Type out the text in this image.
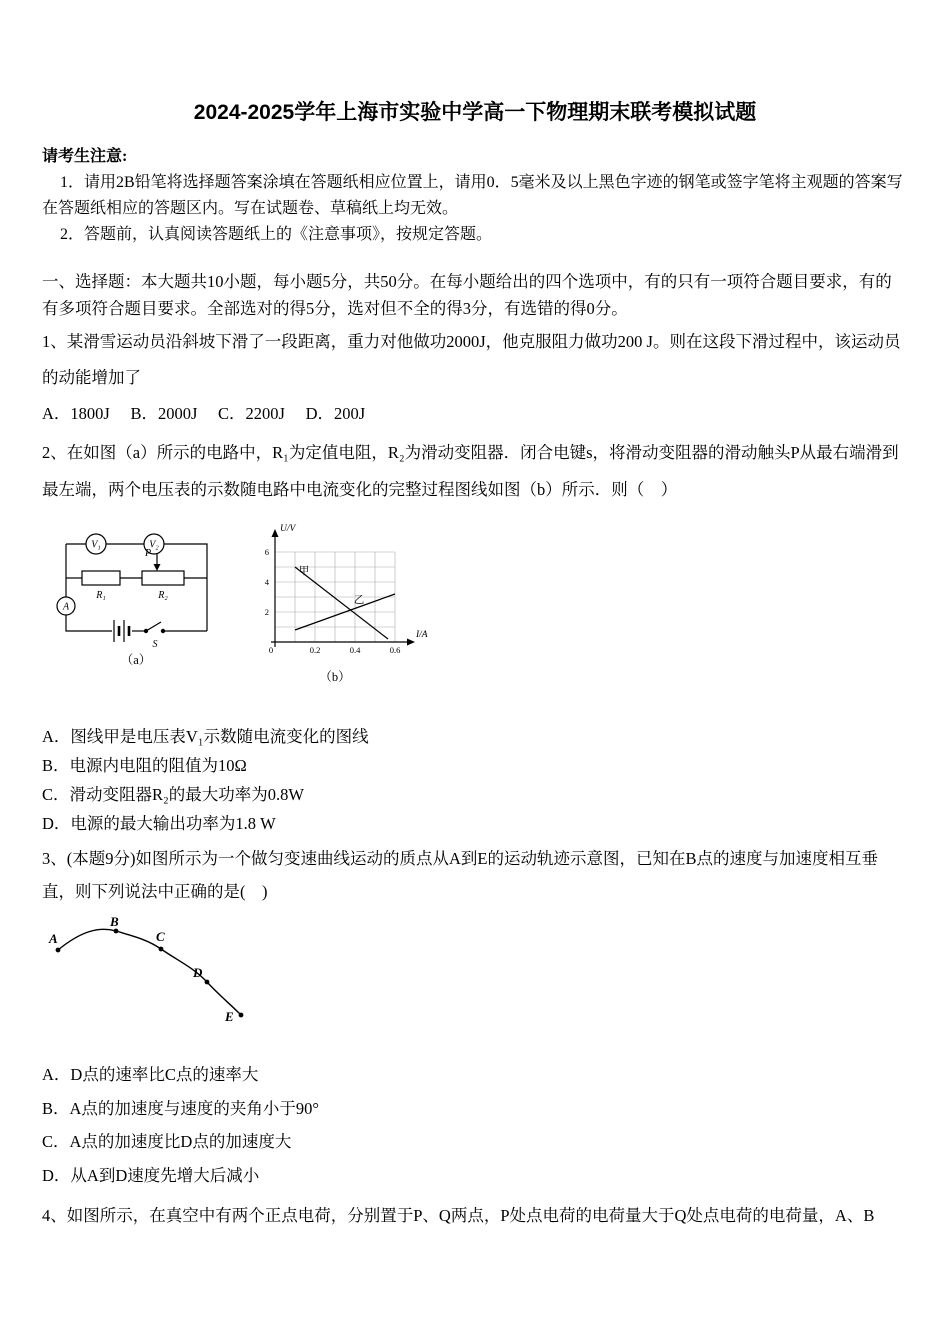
2024-2025学年上海市实验中学高一下物理期末联考模拟试题

请考生注意:

1．请用2B铅笔将选择题答案涂填在答题纸相应位置上，请用0．5毫米及以上黑色字迹的钢笔或签字笔将主观题的答案写在答题纸相应的答题区内。写在试题卷、草稿纸上均无效。

2．答题前，认真阅读答题纸上的《注意事项》，按规定答题。

一、选择题：本大题共10小题，每小题5分，共50分。在每小题给出的四个选项中，有的只有一项符合题目要求，有的有多项符合题目要求。全部选对的得5分，选对但不全的得3分，有选错的得0分。

1、某滑雪运动员沿斜坡下滑了一段距离，重力对他做功2000J，他克服阻力做功200 J。则在这段下滑过程中，该运动员的动能增加了

A．1800J　 B．2000J　 C．2200J　 D．200J

2、在如图（a）所示的电路中，R₁为定值电阻，R₂为滑动变阻器．闭合电键s，将滑动变阻器的滑动触头P从最右端滑到最左端，两个电压表的示数随电路中电流变化的完整过程图线如图（b）所示．则（　）

V₁	V₂
A
R₁	R₂
P
S
（a）
U/V
I/A
2
4
6
0	0.2	0.4	0.6
甲
乙
（b）

A．图线甲是电压表V₁示数随电流变化的图线

B．电源内电阻的阻值为10Ω

C．滑动变阻器R₂的最大功率为0.8W

D．电源的最大输出功率为1.8 W

3、(本题9分)如图所示为一个做匀变速曲线运动的质点从A到E的运动轨迹示意图，已知在B点的速度与加速度相互垂直，则下列说法中正确的是(　)

A
B
C
D
E

A．D点的速率比C点的速率大

B．A点的加速度与速度的夹角小于90°

C．A点的加速度比D点的加速度大

D．从A到D速度先增大后减小

4、如图所示，在真空中有两个正点电荷，分别置于P、Q两点，P处点电荷的电荷量大于Q处点电荷的电荷量，A、B
